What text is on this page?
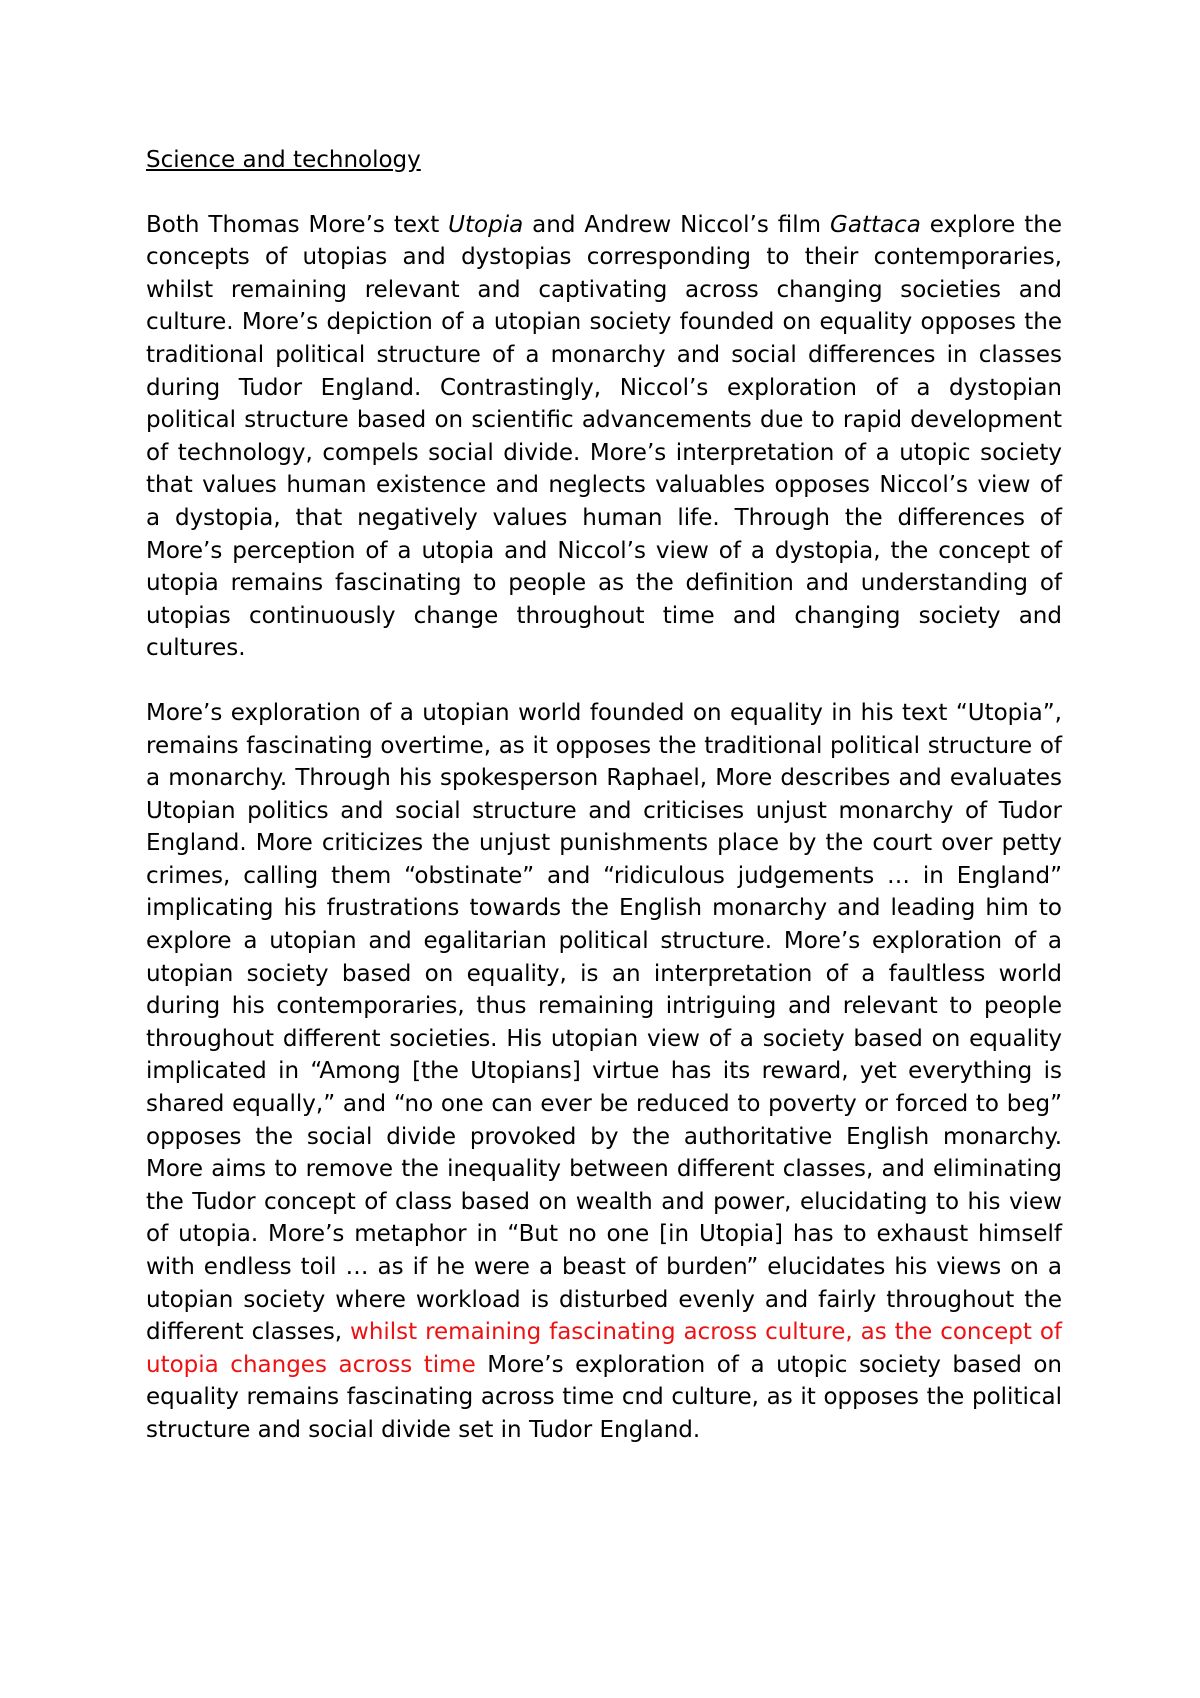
Science and technology

Both Thomas More’s text Utopia and Andrew Niccol’s film Gattaca explore the concepts of utopias and dystopias corresponding to their contemporaries, whilst remaining relevant and captivating across changing societies and culture. More’s depiction of a utopian society founded on equality opposes the traditional political structure of a monarchy and social differences in classes during Tudor England. Contrastingly, Niccol’s exploration of a dystopian political structure based on scientific advancements due to rapid development of technology, compels social divide. More’s interpretation of a utopic society that values human existence and neglects valuables opposes Niccol’s view of a dystopia, that negatively values human life. Through the differences of More’s perception of a utopia and Niccol’s view of a dystopia, the concept of utopia remains fascinating to people as the definition and understanding of utopias continuously change throughout time and changing society and cultures.

More’s exploration of a utopian world founded on equality in his text “Utopia”, remains fascinating overtime, as it opposes the traditional political structure of a monarchy. Through his spokesperson Raphael, More describes and evaluates Utopian politics and social structure and criticises unjust monarchy of Tudor England. More criticizes the unjust punishments place by the court over petty crimes, calling them “obstinate” and “ridiculous judgements … in England” implicating his frustrations towards the English monarchy and leading him to explore a utopian and egalitarian political structure. More’s exploration of a utopian society based on equality, is an interpretation of a faultless world during his contemporaries, thus remaining intriguing and relevant to people throughout different societies. His utopian view of a society based on equality implicated in “Among [the Utopians] virtue has its reward, yet everything is shared equally,” and “no one can ever be reduced to poverty or forced to beg” opposes the social divide provoked by the authoritative English monarchy. More aims to remove the inequality between different classes, and eliminating the Tudor concept of class based on wealth and power, elucidating to his view of utopia. More’s metaphor in “But no one [in Utopia] has to exhaust himself with endless toil … as if he were a beast of burden” elucidates his views on a utopian society where workload is disturbed evenly and fairly throughout the different classes, whilst remaining fascinating across culture, as the concept of utopia changes across time More’s exploration of a utopic society based on equality remains fascinating across time cnd culture, as it opposes the political structure and social divide set in Tudor England.
